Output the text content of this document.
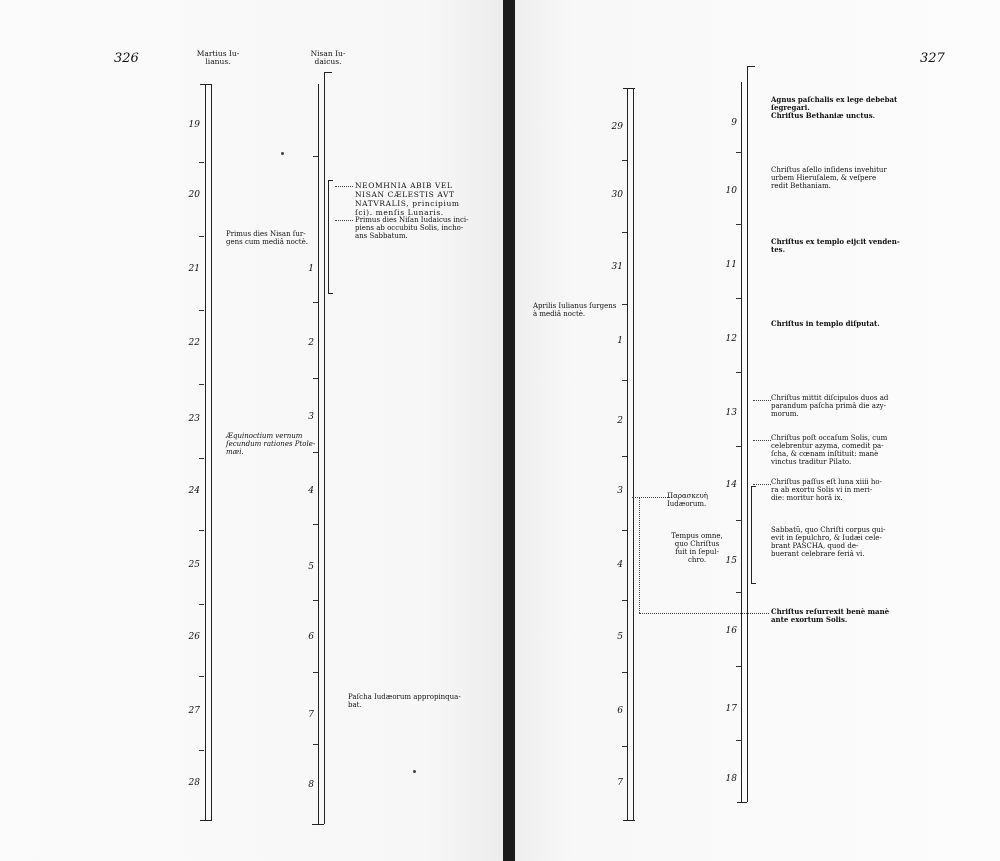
326	Martius Iu-
lianus.
Nisan Iu-
daicus.
19
20
21
22
23
24
25
26
27
28
1
2
3
4
5
6
7
8
Primus dies Nisan ſur-
gens cum mediâ noctè.
Æquinoctium vernum
ſecundum rationes Ptole-
mæi.
NEOMHNIA ABIB VEL
NISAN CÆLESTIS AVT
NATVRALIS, principium
ſci). menſis Lunaris.
Primus dies Niſan Iudaicus inci-
piens ab occubitu Solis, incho-
ans Sabbatum.
Paſcha Iudæorum appropinqua-
bat.
327
29
30
31
1
2
3
4
5
6
7
9
10
11
12
13
14
15
16
17
18
Aprilis Iulianus ſurgens
à mediâ noctè.
Παρασκευὴ
Iudæorum.
Tempus omne,
quo Chriſtus
fuit in ſepul-
chro.
Agnus paſchalis ex lege debebat
ſegregari.
Chriſtus Bethaniæ unctus.
Chriſtus aſello inſidens invehitur
urbem Hieruſalem, & veſpere
redit Bethaniam.
Chriſtus ex templo eijcit venden-
tes.
Chriſtus in templo diſputat.
Chriſtus mittit diſcipulos duos ad
parandum paſcha primâ die azy-
morum.
Chriſtus poſt occaſum Solis, cum
celebrentur azyma, comedit pa-
ſcha, & cœnam inſtituit: manè
vinctus traditur Pilato.
Chriſtus paſſus eſt luna xiiii ho-
ra ab exortu Solis vi in meri-
die: moritur horâ ix.
Sabbatũ, quo Chriſti corpus qui-
evit in ſepulchro, & Iudæi cele-
brant PASCHA, quod de-
buerant celebrare feriâ vi.
Chriſtus reſurrexit benè manè
ante exortum Solis.
